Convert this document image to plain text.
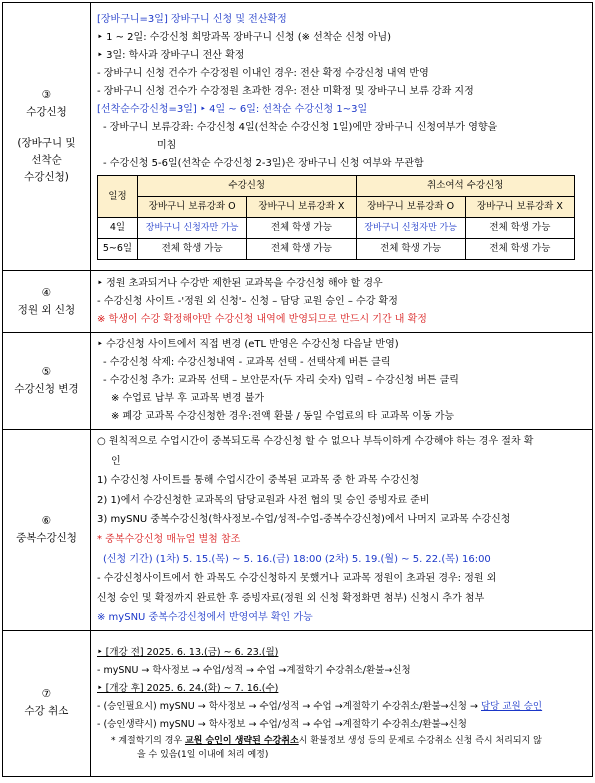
③
수강신청
(장바구니 및
선착순
수강신청)

[장바구니=3일] 장바구니 신청 및 전산확정
‣ 1 ~ 2일: 수강신청 희망과목 장바구니 신청 (※ 선착순 신청 아님)
‣ 3일: 학사과 장바구니 전산 확정
- 장바구니 신청 건수가 수강정원 이내인 경우: 전산 확정 수강신청 내역 반영
- 장바구니 신청 건수가 수강정원 초과한 경우: 전산 미확정 및 장바구니 보류 강좌 지정
[선착순수강신청=3일] ‣ 4일 ~ 6일: 선착순 수강신청 1~3일
- 장바구니 보류강좌: 수강신청 4일(선착순 수강신청 1일)에만 장바구니 신청여부가 영향을
미침
- 수강신청 5-6일(선착순 수강신청 2-3일)은 장바구니 신청 여부와 무관함
일정	수강신청	취소여석 수강신청
장바구니 보류강좌 O	장바구니 보류강좌 X	장바구니 보류강좌 O	장바구니 보류강좌 X
4일	장바구니 신청자만 가능	전체 학생 가능	장바구니 신청자만 가능	전체 학생 가능
5~6일	전체 학생 가능	전체 학생 가능	전체 학생 가능	전체 학생 가능

④
정원 외 신청

‣ 정원 초과되거나 수강반 제한된 교과목을 수강신청 해야 할 경우
- 수강신청 사이트 -'정원 외 신청'– 신청 – 담당 교원 승인 – 수강 확정
※ 학생이 수강 확정해야만 수강신청 내역에 반영되므로 반드시 기간 내 확정

⑤
수강신청 변경

‣ 수강신청 사이트에서 직접 변경 (eTL 반영은 수강신청 다음날 반영)
- 수강신청 삭제: 수강신청내역 - 교과목 선택 - 선택삭제 버튼 클릭
- 수강신청 추가: 교과목 선택 – 보안문자(두 자리 숫자) 입력 – 수강신청 버튼 클릭
※ 수업료 납부 후 교과목 변경 불가
※ 폐강 교과목 수강신청한 경우:전액 환불 / 동일 수업료의 타 교과목 이동 가능

⑥
중복수강신청

○ 원칙적으로 수업시간이 중복되도록 수강신청 할 수 없으나 부득이하게 수강해야 하는 경우 절차 확
인
1) 수강신청 사이트를 통해 수업시간이 중복된 교과목 중 한 과목 수강신청
2) 1)에서 수강신청한 교과목의 담당교원과 사전 협의 및 승인 증빙자료 준비
3) mySNU 중복수강신청(학사정보-수업/성적-수업-중복수강신청)에서 나머지 교과목 수강신청
* 중복수강신청 매뉴얼 별첨 참조
(신청 기간) (1차) 5. 15.(목) ~ 5. 16.(금) 18:00 (2차) 5. 19.(월) ~ 5. 22.(목) 16:00
- 수강신청사이트에서 한 과목도 수강신청하지 못했거나 교과목 정원이 초과된 경우: 정원 외
신청 승인 및 확정까지 완료한 후 증빙자료(정원 외 신청 확정화면 첨부) 신청시 추가 첨부
※ mySNU 중복수강신청에서 반영여부 확인 가능

⑦
수강 취소

‣ [개강 전] 2025. 6. 13.(금) ~ 6. 23.(월)
- mySNU → 학사정보 → 수업/성적 → 수업 →계절학기 수강취소/환불→신청
‣ [개강 후] 2025. 6. 24.(화) ~ 7. 16.(수)
- (승인필요시) mySNU → 학사정보 → 수업/성적 → 수업 →계절학기 수강취소/환불→신청 → 담당 교원 승인
- (승인생략시) mySNU → 학사정보 → 수업/성적 → 수업 →계절학기 수강취소/환불→신청
* 계절학기의 경우 교원 승인이 생략된 수강취소시 환불정보 생성 등의 문제로 수강취소 신청 즉시 처리되지 않
을 수 있음(1일 이내에 처리 예정)
